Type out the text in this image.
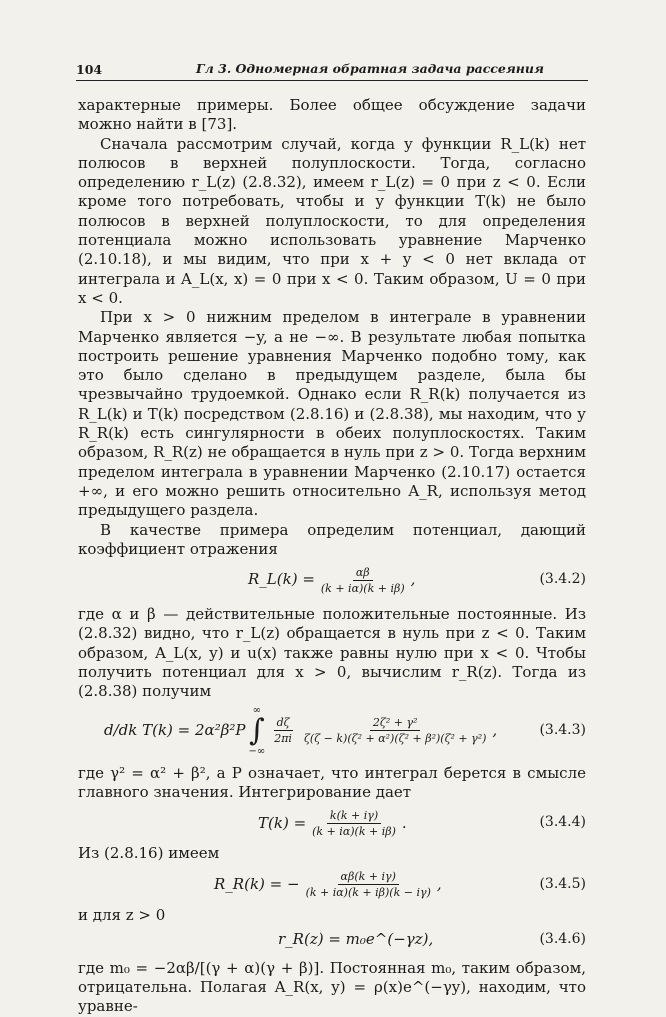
104	Гл 3. Одномерная обратная задача рассеяния

характерные примеры. Более общее обсуждение задачи можно найти в [73].

Сначала рассмотрим случай, когда у функции R_L(k) нет полюсов в верхней полуплоскости. Тогда, согласно определению r_L(z) (2.8.32), имеем r_L(z) = 0 при z < 0. Если кроме того потребовать, чтобы и у функции T(k) не было полюсов в верхней полуплоскости, то для определения потенциала можно использовать уравнение Марченко (2.10.18), и мы видим, что при x + y < 0 нет вклада от интеграла и A_L(x, x) = 0 при x < 0. Таким образом, U = 0 при x < 0.

При x > 0 нижним пределом в интеграле в уравнении Марченко является −y, а не −∞. В результате любая попытка построить решение уравнения Марченко подобно тому, как это было сделано в предыдущем разделе, была бы чрезвычайно трудоемкой. Однако если R_R(k) получается из R_L(k) и T(k) посредством (2.8.16) и (2.8.38), мы находим, что у R_R(k) есть сингулярности в обеих полуплоскостях. Таким образом, R_R(z) не обращается в нуль при z > 0. Тогда верхним пределом интеграла в уравнении Марченко (2.10.17) остается +∞, и его можно решить относительно A_R, используя метод предыдущего раздела.

В качестве примера определим потенциал, дающий коэффициент отражения

R_L(k) = $\frac{\alpha\beta}{(k + i\alpha)(k + i\beta)}$ ,	(3.4.2)

где α и β — действительные положительные постоянные. Из (2.8.32) видно, что r_L(z) обращается в нуль при z < 0. Таким образом, A_L(x, y) и u(x) также равны нулю при x < 0. Чтобы получить потенциал для x > 0, вычислим r_R(z). Тогда из (2.8.38) получим

d/dk T(k) = 2α²β²P
∞
∫
−∞
$\frac{d\zeta}{2\pi i} \frac{\text{2ζ² + γ²}}{\text{ζ(ζ − k)(ζ² + α²)(ζ² + β²)(ζ² + γ²)}}$ ,	(3.4.3)

где γ² = α² + β², а P означает, что интеграл берется в смысле главного значения. Интегрирование дает

$T(k) = \frac{k(k + i\gamma)}{(k + i\alpha)(k + i\beta)}$ .	(3.4.4)

Из (2.8.16) имеем

R_R(k) = − $\frac{\alpha\beta(k + i\gamma)}{(k + i\alpha)(k + i\beta)(k - i\gamma)}$ ,	(3.4.5)

и для z > 0

r_R(z) = m₀e^(−γz),	(3.4.6)

где m₀ = −2αβ/[(γ + α)(γ + β)]. Постоянная m₀, таким образом, отрицательна. Полагая A_R(x, y) = ρ(x)e^(−γy), находим, что уравне-
